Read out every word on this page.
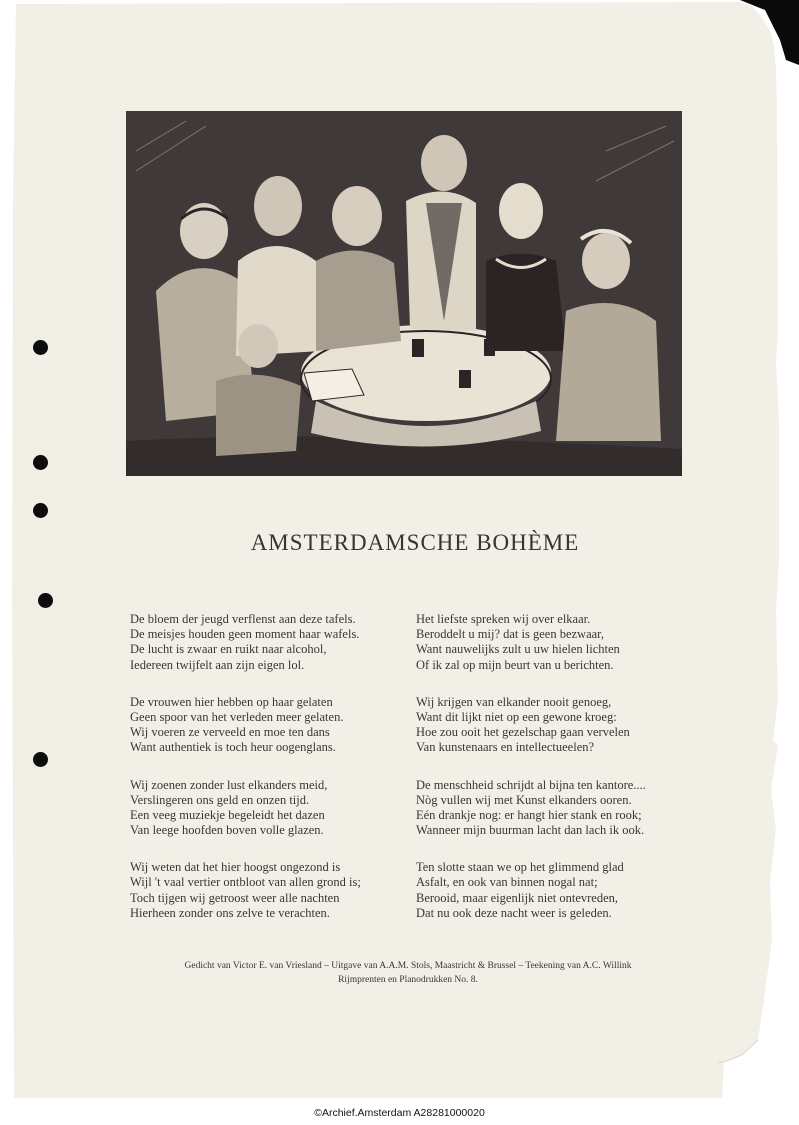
AMSTERDAMSCHE BOHÈME
De bloem der jeugd verflenst aan deze tafels.
De meisjes houden geen moment haar wafels.
De lucht is zwaar en ruikt naar alcohol,
Iedereen twijfelt aan zijn eigen lol.
De vrouwen hier hebben op haar gelaten
Geen spoor van het verleden meer gelaten.
Wij voeren ze verveeld en moe ten dans
Want authentiek is toch heur oogenglans.
Wij zoenen zonder lust elkanders meid,
Verslingeren ons geld en onzen tijd.
Een veeg muziekje begeleidt het dazen
Van leege hoofden boven volle glazen.
Wij weten dat het hier hoogst ongezond is
Wijl 't vaal vertier ontbloot van allen grond is;
Toch tijgen wij getroost weer alle nachten
Hierheen zonder ons zelve te verachten.
Het liefste spreken wij over elkaar.
Beroddelt u mij? dat is geen bezwaar,
Want nauwelijks zult u uw hielen lichten
Of ik zal op mijn beurt van u berichten.
Wij krijgen van elkander nooit genoeg,
Want dit lijkt niet op een gewone kroeg:
Hoe zou ooit het gezelschap gaan vervelen
Van kunstenaars en intellectueelen?
De menschheid schrijdt al bijna ten kantore....
Nòg vullen wij met Kunst elkanders ooren.
Eén drankje nog: er hangt hier stank en rook;
Wanneer mijn buurman lacht dan lach ik ook.
Ten slotte staan we op het glimmend glad
Asfalt, en ook van binnen nogal nat;
Berooid, maar eigenlijk niet ontevreden,
Dat nu ook deze nacht weer is geleden.
Gedicht van Victor E. van Vriesland – Uitgave van A.A.M. Stols, Maastricht & Brussel – Teekening van A.C. Willink
Rijmprenten en Planodrukken No. 8.
©Archief.Amsterdam A28281000020
